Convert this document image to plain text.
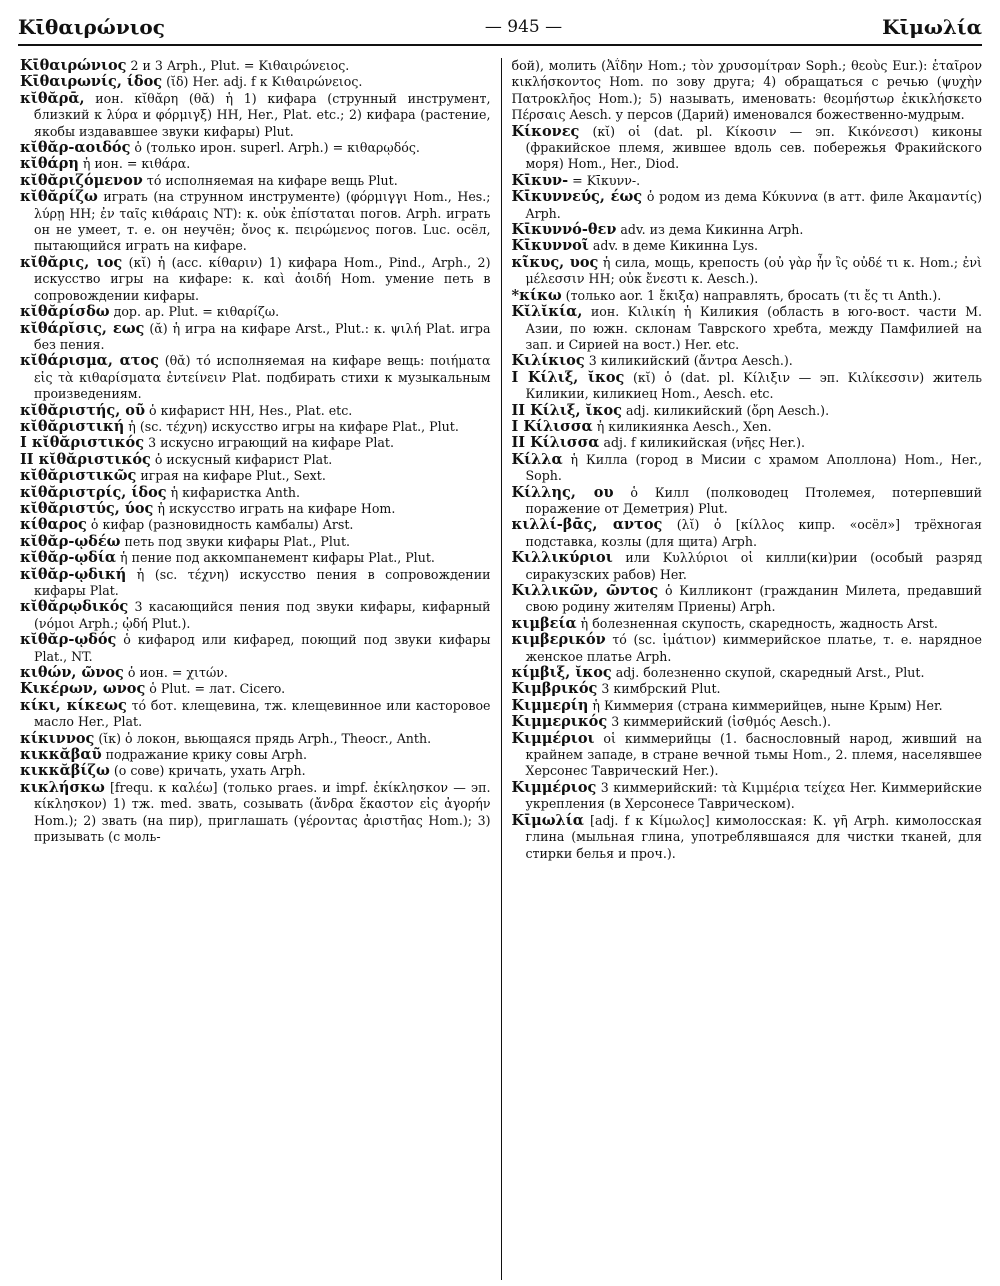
Κῑθαιρώνιος	— 945 —	Κῑμωλία

Κῑθαιρώνιος 2 и 3 Arph., Plut. = Κιθαιρώνειος.

Κῑθαιρωνίς, ίδος (ῐδ) Her. adj. f к Κιθαιρώνειος.

κῐθᾰρᾱ, ион. κῐθᾰρη (θᾰ) ἡ 1) кифара (струнный инструмент, близкий к λύρα и φόρμιγξ) HH, Her., Plat. etc.; 2) кифара (растение, якобы издававшее звуки кифары) Plut.

κῐθᾰρ-αοιδός ὁ (только ирон. superl. Arph.) = κιθαρῳδός.

κῐθάρη ἡ ион. = κιθάρα.

κῐθᾰριζόμενον τό исполняемая на кифаре вещь Plut.

κῐθᾰρίζω играть (на струнном инструменте) (φόρμιγγι Hom., Hes.; λύρῃ HH; ἐν ταῖς κιθάραις NT): κ. οὐκ ἐπίσταται погов. Arph. играть он не умеет, т. е. он неучён; ὄνος κ. πειρώμενος погов. Luc. осёл, пытающийся играть на кифаре.

κῐθᾰρις, ιος (κῐ) ἡ (acc. κίθαριν) 1) кифара Hom., Pind., Arph., 2) искусство игры на кифаре: κ. καὶ ἀοιδή Hom. умение петь в сопровождении кифары.

κῐθᾰρίσδω дор. ap. Plut. = κιθαρίζω.

κῐθάρῐσις, εως (ᾰ) ἡ игра на кифаре Arst., Plut.: κ. ψιλή Plat. игра без пения.

κῐθάρισμα, ατος (θᾰ) τό исполняемая на кифаре вещь: ποιήματα εἰς τὰ κιθαρίσματα ἐντείνειν Plat. подбирать стихи к музыкальным произведениям.

κῐθᾰριστής, οῦ ὁ кифарист HH, Hes., Plat. etc.

κῐθᾰριστική ἡ (sc. τέχνη) искусство игры на кифаре Plat., Plut.

I κῐθᾰριστικός 3 искусно играющий на кифаре Plat.

II κῐθᾰριστικός ὁ искусный кифарист Plat.

κῐθᾰριστικῶς играя на кифаре Plut., Sext.

κῐθᾰριστρίς, ίδος ἡ кифаристка Anth.

κῐθᾰριστύς, ύος ἡ искусство играть на кифаре Hom.

κίθαρος ὁ кифар (разновидность камбалы) Arst.

κῐθᾰρ-ῳδέω петь под звуки кифары Plat., Plut.

κῐθᾰρ-ῳδία ἡ пение под аккомпанемент кифары Plat., Plut.

κῐθᾰρ-ῳδική ἡ (sc. τέχνη) искусство пения в сопровождении кифары Plat.

κῐθᾰρῳδικός 3 касающийся пения под звуки кифары, кифарный (νόμοι Arph.; ᾠδή Plut.).

κῐθᾰρ-ῳδός ὁ кифарод или кифаред, поющий под звуки кифары Plat., NT.

κιθών, ῶνος ὁ ион. = χιτών.

Κικέρων, ωνος ὁ Plut. = лат. Cicero.

κίκι, κίκεως τό бот. клещевина, тж. клещевинное или касторовое масло Her., Plat.

κίκιννος (ῐκ) ὁ локон, вьющаяся прядь Arph., Theocr., Anth.

κικκᾰβαῦ подражание крику совы Arph.

κικκᾰβίζω (о сове) кричать, ухать Arph.

κικλήσκω [frequ. к καλέω] (только praes. и impf. ἐκίκλησκον — эп. κίκλησκον) 1) тж. med. звать, созывать (ἄνδρα ἕκαστον εἰς ἀγορήν Hom.); 2) звать (на пир), приглашать (γέροντας ἀριστῆας Hom.); 3) призывать (с моль-

бой), молить (Ἀΐδην Hom.; τὸν χρυσομίτραν Soph.; θεοὺς Eur.): ἑταῖρον κικλήσκοντος Hom. по зову друга; 4) обращаться с речью (ψυχὴν Πατροκλῆος Hom.); 5) называть, именовать: θεομήστωρ ἐκικλήσκετο Πέρσαις Aesch. у персов (Дарий) именовался божественно-мудрым.

Κίκονες (κῐ) οἱ (dat. pl. Κίκοσιν — эп. Κικόνεσσι) киконы (фракийское племя, жившее вдоль сев. побережья Фракийского моря) Hom., Her., Diod.

Κῑκυν- = Κῑκυνν-.

Κῑκυννεύς, έως ὁ родом из дема Κύκυννα (в атт. филе Ἀκαμαντίς) Arph.

Κῑκυννό-θεν adv. из дема Кикинна Arph.

Κῑκυννοῖ adv. в деме Кикинна Lys.

κῖκυς, υος ἡ сила, мощь, крепость (οὐ γὰρ ἦν ἲς οὐδέ τι κ. Hom.; ἐνὶ μέλεσσιν HH; οὐκ ἔνεστι κ. Aesch.).

*κίκω (только aor. 1 ἔκιξα) направлять, бросать (τι ἔς τι Anth.).

Κῐλῐκία, ион. Κιλικίη ἡ Киликия (область в юго-вост. части М. Азии, по южн. склонам Таврского хребта, между Памфилией на зап. и Сирией на вост.) Her. etc.

Κιλίκιος 3 киликийский (ἄντρα Aesch.).

I Κίλιξ, ῐκος (κῐ) ὁ (dat. pl. Κίλιξιν — эп. Κιλίκεσσιν) житель Киликии, киликиец Hom., Aesch. etc.

II Κίλιξ, ῐκος adj. киликийский (ὄρη Aesch.).

I Κίλισσα ἡ киликиянка Aesch., Xen.

II Κίλισσα adj. f киликийская (νῆες Her.).

Κίλλα ἡ Килла (город в Мисии с храмом Аполлона) Hom., Her., Soph.

Κίλλης, ου ὁ Килл (полководец Птолемея, потерпевший поражение от Деметрия) Plut.

κιλλί-βᾱς, αντος (λῐ) ὁ [κίλλος кипр. «осёл»] трёхногая подставка, козлы (для щита) Arph.

Κιλλικύριοι или Κυλλύριοι οἱ килли(ки)рии (особый разряд сиракузских рабов) Her.

Κιλλικῶν, ῶντος ὁ Килликонт (гражданин Милета, предавший свою родину жителям Приены) Arph.

κιμβεία ἡ болезненная скупость, скаредность, жадность Arst.

κιμβερικόν τό (sc. ἱμάτιον) киммерийское платье, т. е. нарядное женское платье Arph.

κίμβιξ, ῐκος adj. болезненно скупой, скаредный Arst., Plut.

Κιμβρικός 3 кимбрский Plut.

Κιμμερίη ἡ Киммерия (страна киммерийцев, ныне Крым) Her.

Κιμμερικός 3 киммерийский (ἰσθμός Aesch.).

Κιμμέριοι οἱ киммерийцы (1. баснословный народ, живший на крайнем западе, в стране вечной тьмы Hom., 2. племя, населявшее Херсонес Таврический Her.).

Κιμμέριος 3 киммерийский: τὰ Κιμμέρια τείχεα Her. Киммерийские укрепления (в Херсонесе Таврическом).

Κῑμωλία [adj. f к Κίμωλος] кимолосская: К. γῆ Arph. кимолосская глина (мыльная глина, употреблявшаяся для чистки тканей, для стирки белья и проч.).
